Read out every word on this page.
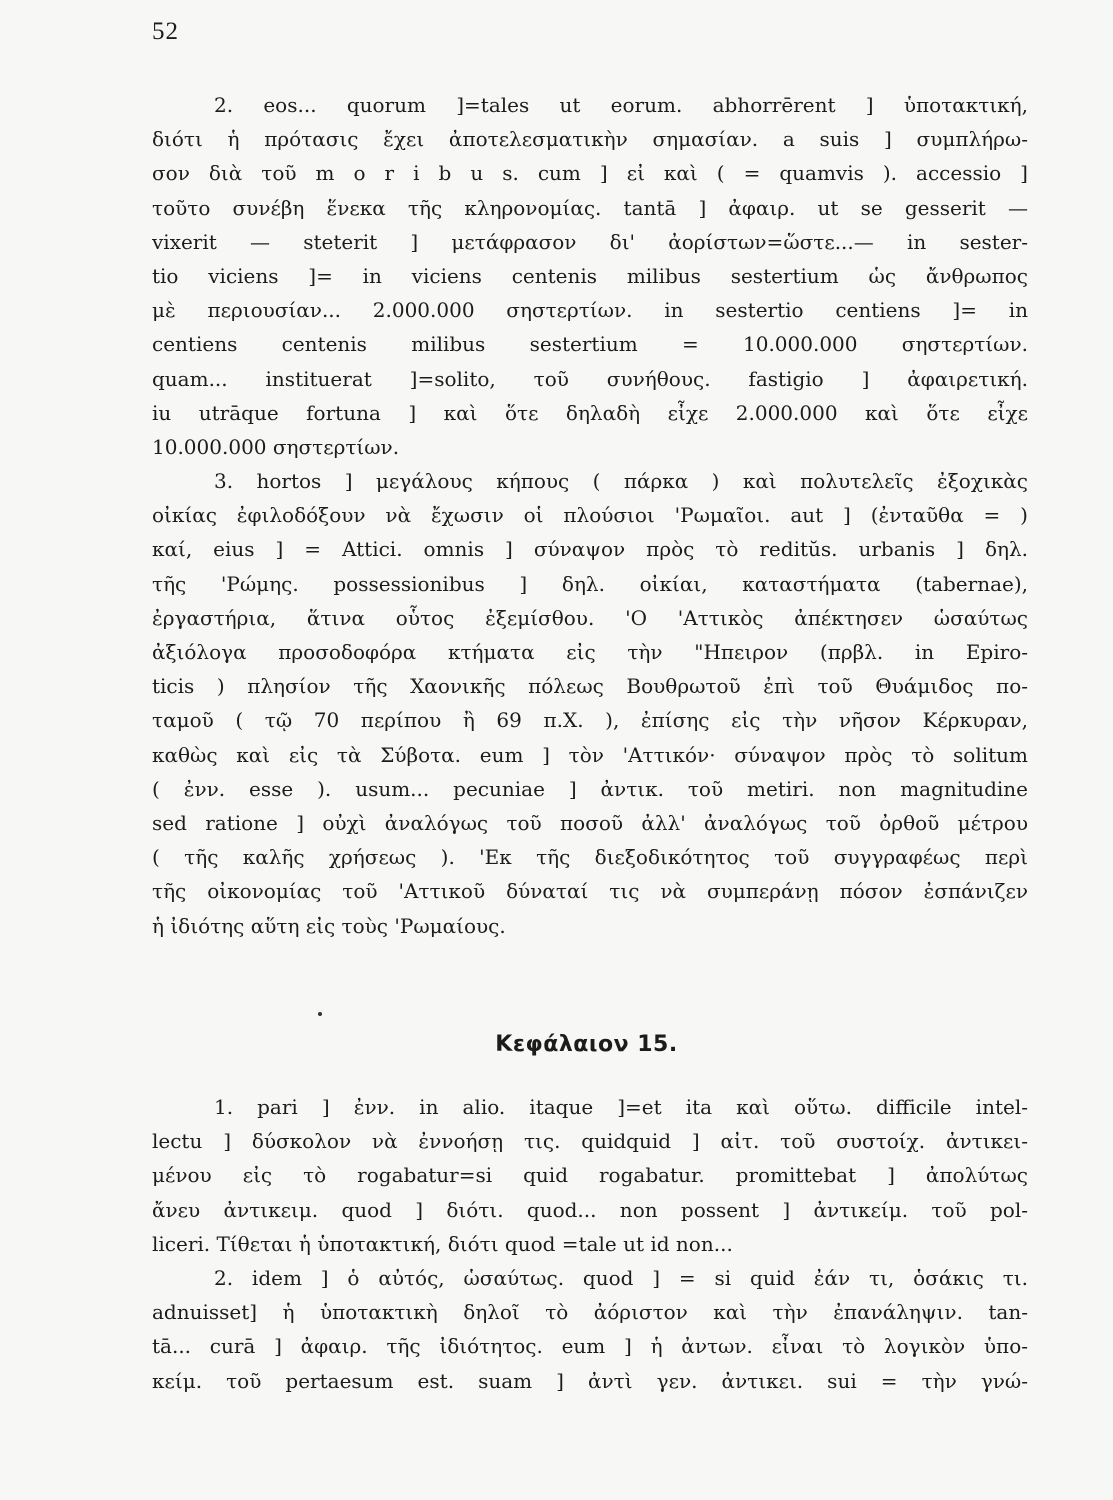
52
2. eos... quorum ]=tales ut eorum. abhorrērent ] ὑποτακτική,
διότι ἡ πρότασις ἔχει ἀποτελεσματικὴν σημασίαν. a suis ] συμπλήρω-
σον διὰ τοῦ m o r i b u s. cum ] εἰ καὶ ( = quamvis ). accessio ]
τοῦτο συνέβη ἕνεκα τῆς κληρονομίας. tantā ] ἀφαιρ. ut se gesserit —
vixerit — steterit ] μετάφρασον δι' ἀορίστων=ὥστε...— in sester-
tio viciens ]= in viciens centenis milibus sestertium ὡς ἄνθρωπος
μὲ περιουσίαν... 2.000.000 σηστερτίων. in sestertio centiens ]= in
centiens centenis milibus sestertium = 10.000.000 σηστερτίων.
quam... instituerat ]=solito, τοῦ συνήθους. fastigio ] ἀφαιρετική.
iu utrāque fortuna ] καὶ ὅτε δηλαδὴ εἶχε 2.000.000 καὶ ὅτε εἶχε
10.000.000 σηστερτίων.
3. hortos ] μεγάλους κήπους ( πάρκα ) καὶ πολυτελεῖς ἐξοχικὰς
οἰκίας ἐφιλοδόξουν νὰ ἔχωσιν οἱ πλούσιοι 'Ρωμαῖοι. aut ] (ἐνταῦθα = )
καί, eius ] = Attici. omnis ] σύναψον πρὸς τὸ reditŭs. urbanis ] δηλ.
τῆς 'Ρώμης. possessionibus ] δηλ. οἰκίαι, καταστήματα (tabernae),
ἐργαστήρια, ἅτινα οὗτος ἐξεμίσθου. 'Ο 'Αττικὸς ἀπέκτησεν ὡσαύτως
ἀξιόλογα προσοδοφόρα κτήματα εἰς τὴν "Ηπειρον (πρβλ. in Epiro-
ticis ) πλησίον τῆς Χαονικῆς πόλεως Βουθρωτοῦ ἐπὶ τοῦ Θυάμιδος πο-
ταμοῦ ( τῷ 70 περίπου ἢ 69 π.Χ. ), ἐπίσης εἰς τὴν νῆσον Κέρκυραν,
καθὼς καὶ εἰς τὰ Σύβοτα. eum ] τὸν 'Αττικόν· σύναψον πρὸς τὸ solitum
( ἐνν. esse ). usum... pecuniae ] ἀντικ. τοῦ metiri. non magnitudine
sed ratione ] οὐχὶ ἀναλόγως τοῦ ποσοῦ ἀλλ' ἀναλόγως τοῦ ὀρθοῦ μέτρου
( τῆς καλῆς χρήσεως ). 'Εκ τῆς διεξοδικότητος τοῦ συγγραφέως περὶ
τῆς οἰκονομίας τοῦ 'Αττικοῦ δύναταί τις νὰ συμπεράνῃ πόσον ἐσπάνιζεν
ἡ ἰδιότης αὕτη εἰς τοὺς 'Ρωμαίους.
Κεφάλαιον 15.
1. pari ] ἐνν. in alio. itaque ]=et ita καὶ οὕτω. difficile intel-
lectu ] δύσκολον νὰ ἐννοήσῃ τις. quidquid ] αἰτ. τοῦ συστοίχ. ἀντικει-
μένου εἰς τὸ rogabatur=si quid rogabatur. promittebat ] ἀπολύτως
ἄνευ ἀντικειμ. quod ] διότι. quod... non possent ] ἀντικείμ. τοῦ pol-
liceri. Τίθεται ἡ ὑποτακτική, διότι quod =tale ut id non...
2. idem ] ὁ αὐτός, ὡσαύτως. quod ] = si quid ἐάν τι, ὁσάκις τι.
adnuisset] ἡ ὑποτακτικὴ δηλοῖ τὸ ἀόριστον καὶ τὴν ἐπανάληψιν. tan-
tā... curā ] ἀφαιρ. τῆς ἰδιότητος. eum ] ἡ ἀντων. εἶναι τὸ λογικὸν ὑπο-
κείμ. τοῦ pertaesum est. suam ] ἀντὶ γεν. ἀντικει. sui = τὴν γνώ-
